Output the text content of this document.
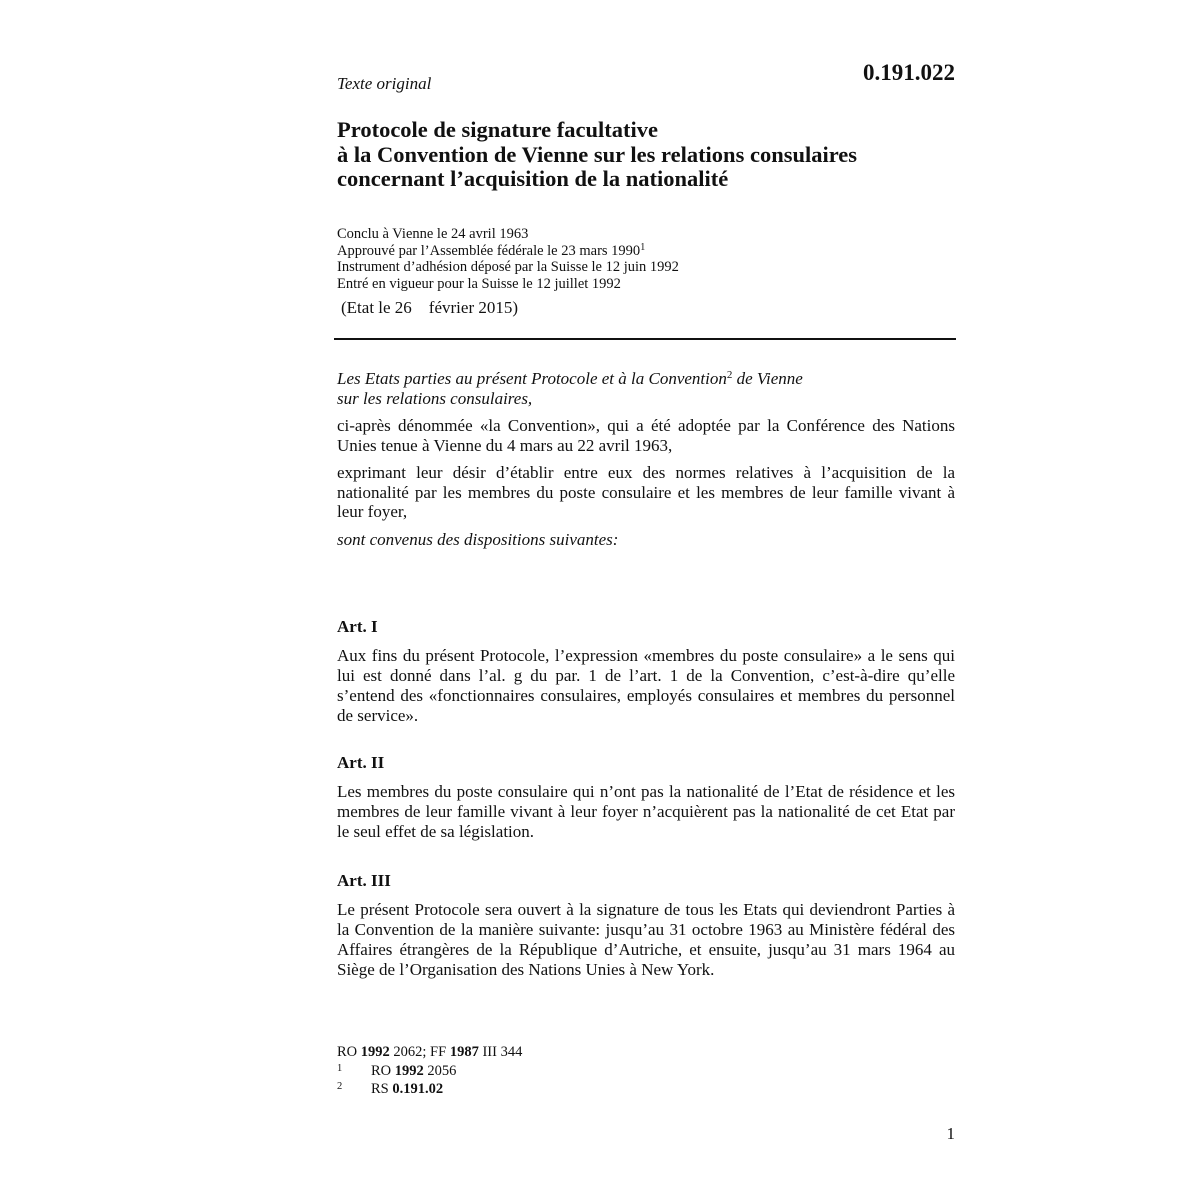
Texte original	0.191.022
Protocole de signature facultative
à la Convention de Vienne sur les relations consulaires
concernant l’acquisition de la nationalité
Conclu à Vienne le 24 avril 1963
Approuvé par l’Assemblée fédérale le 23 mars 1990$^1$
Instrument d’adhésion déposé par la Suisse le 12 juin 1992
Entré en vigueur pour la Suisse le 12 juillet 1992
(Etat le 26    février 2015)
Les Etats parties au présent Protocole et à la Convention$^2$ de Vienne
sur les relations consulaires,

ci-après dénommée «la Convention», qui a été adoptée par la Conférence des Nations Unies tenue à Vienne du 4 mars au 22 avril 1963,

exprimant leur désir d’établir entre eux des normes relatives à l’acquisition de la nationalité par les membres du poste consulaire et les membres de leur famille vivant à leur foyer,

sont convenus des dispositions suivantes:

Art. I

Aux fins du présent Protocole, l’expression «membres du poste consulaire» a le sens qui lui est donné dans l’al. g du par. 1 de l’art. 1 de la Convention, c’est-à-dire qu’elle s’entend des «fonctionnaires consulaires, employés consulaires et membres du personnel de service».

Art. II

Les membres du poste consulaire qui n’ont pas la nationalité de l’Etat de résidence et les membres de leur famille vivant à leur foyer n’acquièrent pas la nationalité de cet Etat par le seul effet de sa législation.

Art. III

Le présent Protocole sera ouvert à la signature de tous les Etats qui deviendront Parties à la Convention de la manière suivante: jusqu’au 31 octobre 1963 au Ministère fédéral des Affaires étrangères de la République d’Autriche, et ensuite, jusqu’au 31 mars 1964 au Siège de l’Organisation des Nations Unies à New York.

RO 1992 2062; FF 1987 III 344
1 RO 1992 2056
2 RS 0.191.02
1
